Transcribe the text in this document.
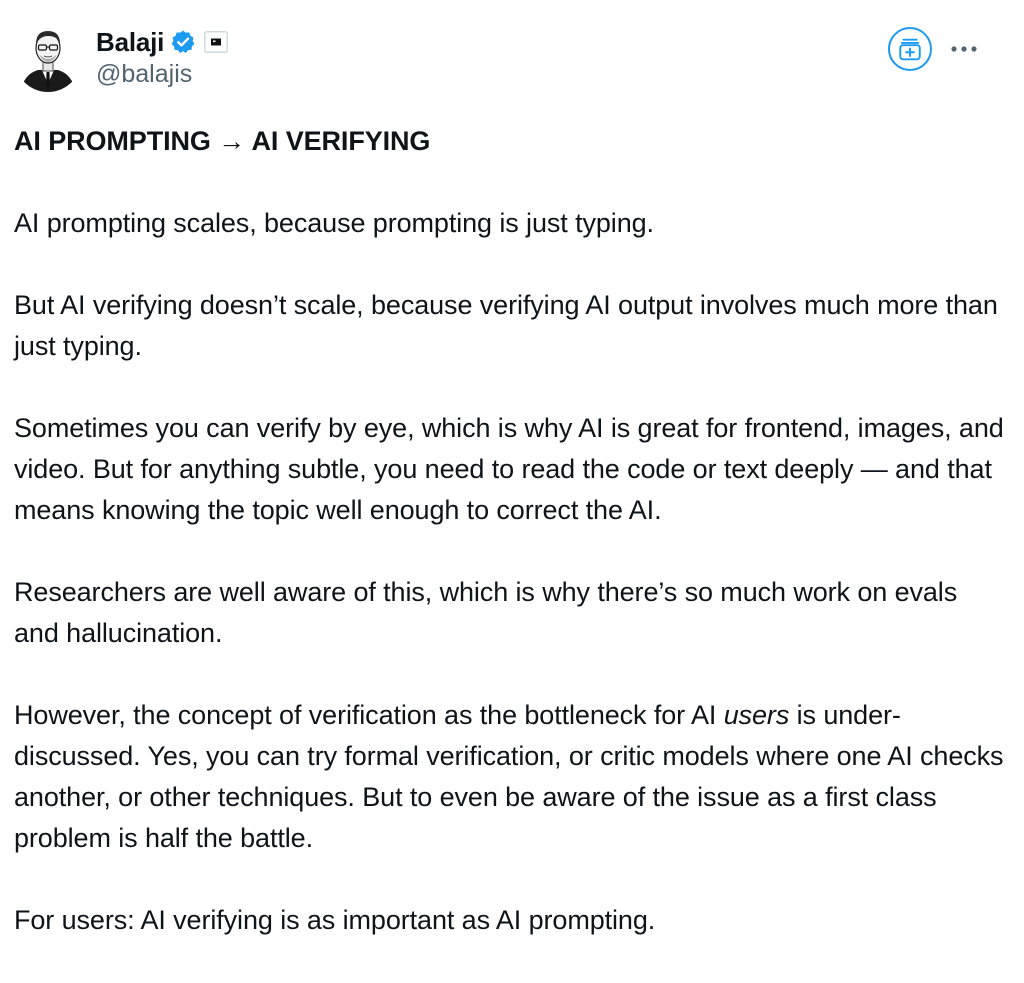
Balaji
@balajis

AI PROMPTING → AI VERIFYING

AI prompting scales, because prompting is just typing.

But AI verifying doesn’t scale, because verifying AI output involves much more than just typing.

Sometimes you can verify by eye, which is why AI is great for frontend, images, and video. But for anything subtle, you need to read the code or text deeply — and that means knowing the topic well enough to correct the AI.

Researchers are well aware of this, which is why there’s so much work on evals and hallucination.

However, the concept of verification as the bottleneck for AI users is under-discussed. Yes, you can try formal verification, or critic models where one AI checks another, or other techniques. But to even be aware of the issue as a first class problem is half the battle.

For users: AI verifying is as important as AI prompting.
